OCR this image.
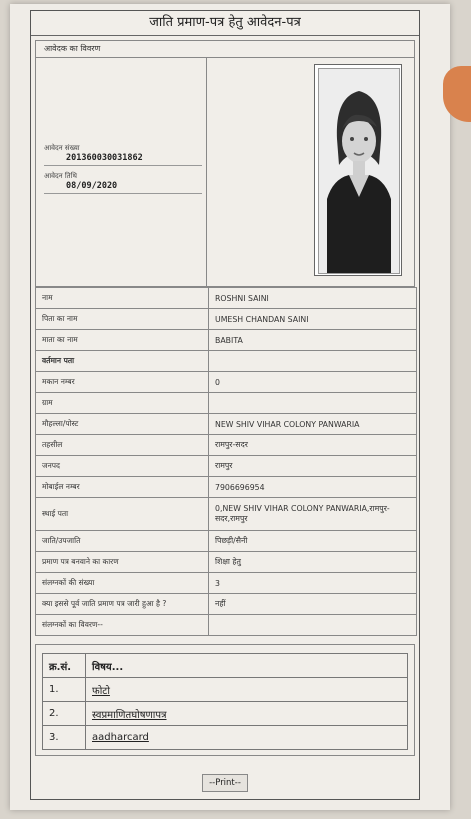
जाति प्रमाण-पत्र हेतु आवेदन-पत्र
आवेदक का विवरण
आवेदन संख्या
201360030031862
आवेदन तिथि
08/09/2020
नाम	ROSHNI SAINI
पिता का नाम	UMESH CHANDAN SAINI
माता का नाम	BABITA
वर्तमान पता	
मकान नम्बर	0
ग्राम	
मौहल्ला/पोस्ट	NEW SHIV VIHAR COLONY PANWARIA
तहसील	रामपुर-सदर
जनपद	रामपुर
मोबाईल नम्बर	7906696954
स्थाई पता	0,NEW SHIV VIHAR COLONY PANWARIA,रामपुर-सदर,रामपुर
जाति/उपजाति	पिछड़ी/सैनी
प्रमाण पत्र बनवाने का कारण	शिक्षा हेतु
संलग्नकों की संख्या	3
क्या इससे पूर्व जाति प्रमाण पत्र जारी हुआ है ?	नहीं
संलग्नकों का विवरण--	
क्र.सं.	विषय...
1.	फोटो
2.	स्वप्रमाणितघोषणापत्र
3.	aadharcard
--Print--
